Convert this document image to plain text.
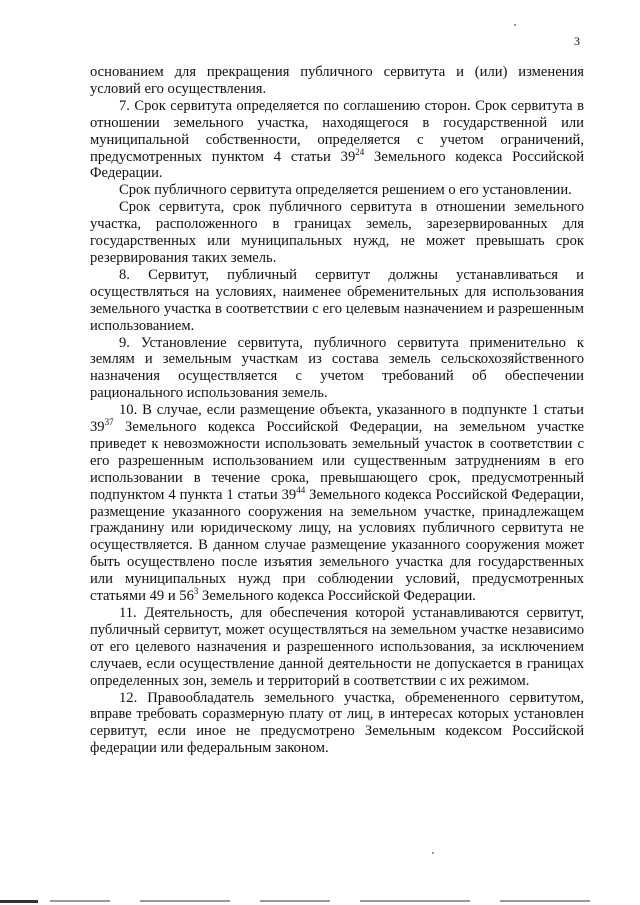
3

основанием для прекращения публичного сервитута и (или) изменения условий его осуществления.

7. Срок сервитута определяется по соглашению сторон. Срок сервитута в отношении земельного участка, находящегося в государственной или муниципальной собственности, определяется с учетом ограничений, предусмотренных пунктом 4 статьи $39^{24}$ Земельного кодекса Российской Федерации.

Срок публичного сервитута определяется решением о его установлении.

Срок сервитута, срок публичного сервитута в отношении земельного участка, расположенного в границах земель, зарезервированных для государственных или муниципальных нужд, не может превышать срок резервирования таких земель.

8. Сервитут, публичный сервитут должны устанавливаться и осуществляться на условиях, наименее обременительных для использования земельного участка в соответствии с его целевым назначением и разрешенным использованием.

9. Установление сервитута, публичного сервитута применительно к землям и земельным участкам из состава земель сельскохозяйственного назначения осуществляется с учетом требований об обеспечении рационального использования земель.

10. В случае, если размещение объекта, указанного в подпункте 1 статьи $39^{37}$ Земельного кодекса Российской Федерации, на земельном участке приведет к невозможности использовать земельный участок в соответствии с его разрешенным использованием или существенным затруднениям в его использовании в течение срока, превышающего срок, предусмотренный подпунктом 4 пункта 1 статьи $39^{44}$ Земельного кодекса Российской Федерации, размещение указанного сооружения на земельном участке, принадлежащем гражданину или юридическому лицу, на условиях публичного сервитута не осуществляется. В данном случае размещение указанного сооружения может быть осуществлено после изъятия земельного участка для государственных или муниципальных нужд при соблюдении условий, предусмотренных статьями 49 и $56^3$ Земельного кодекса Российской Федерации.

11. Деятельность, для обеспечения которой устанавливаются сервитут, публичный сервитут, может осуществляться на земельном участке независимо от его целевого назначения и разрешенного использования, за исключением случаев, если осуществление данной деятельности не допускается в границах определенных зон, земель и территорий в соответствии с их режимом.

12. Правообладатель земельного участка, обремененного сервитутом, вправе требовать соразмерную плату от лиц, в интересах которых установлен сервитут, если иное не предусмотрено Земельным кодексом Российской федерации или федеральным законом.
